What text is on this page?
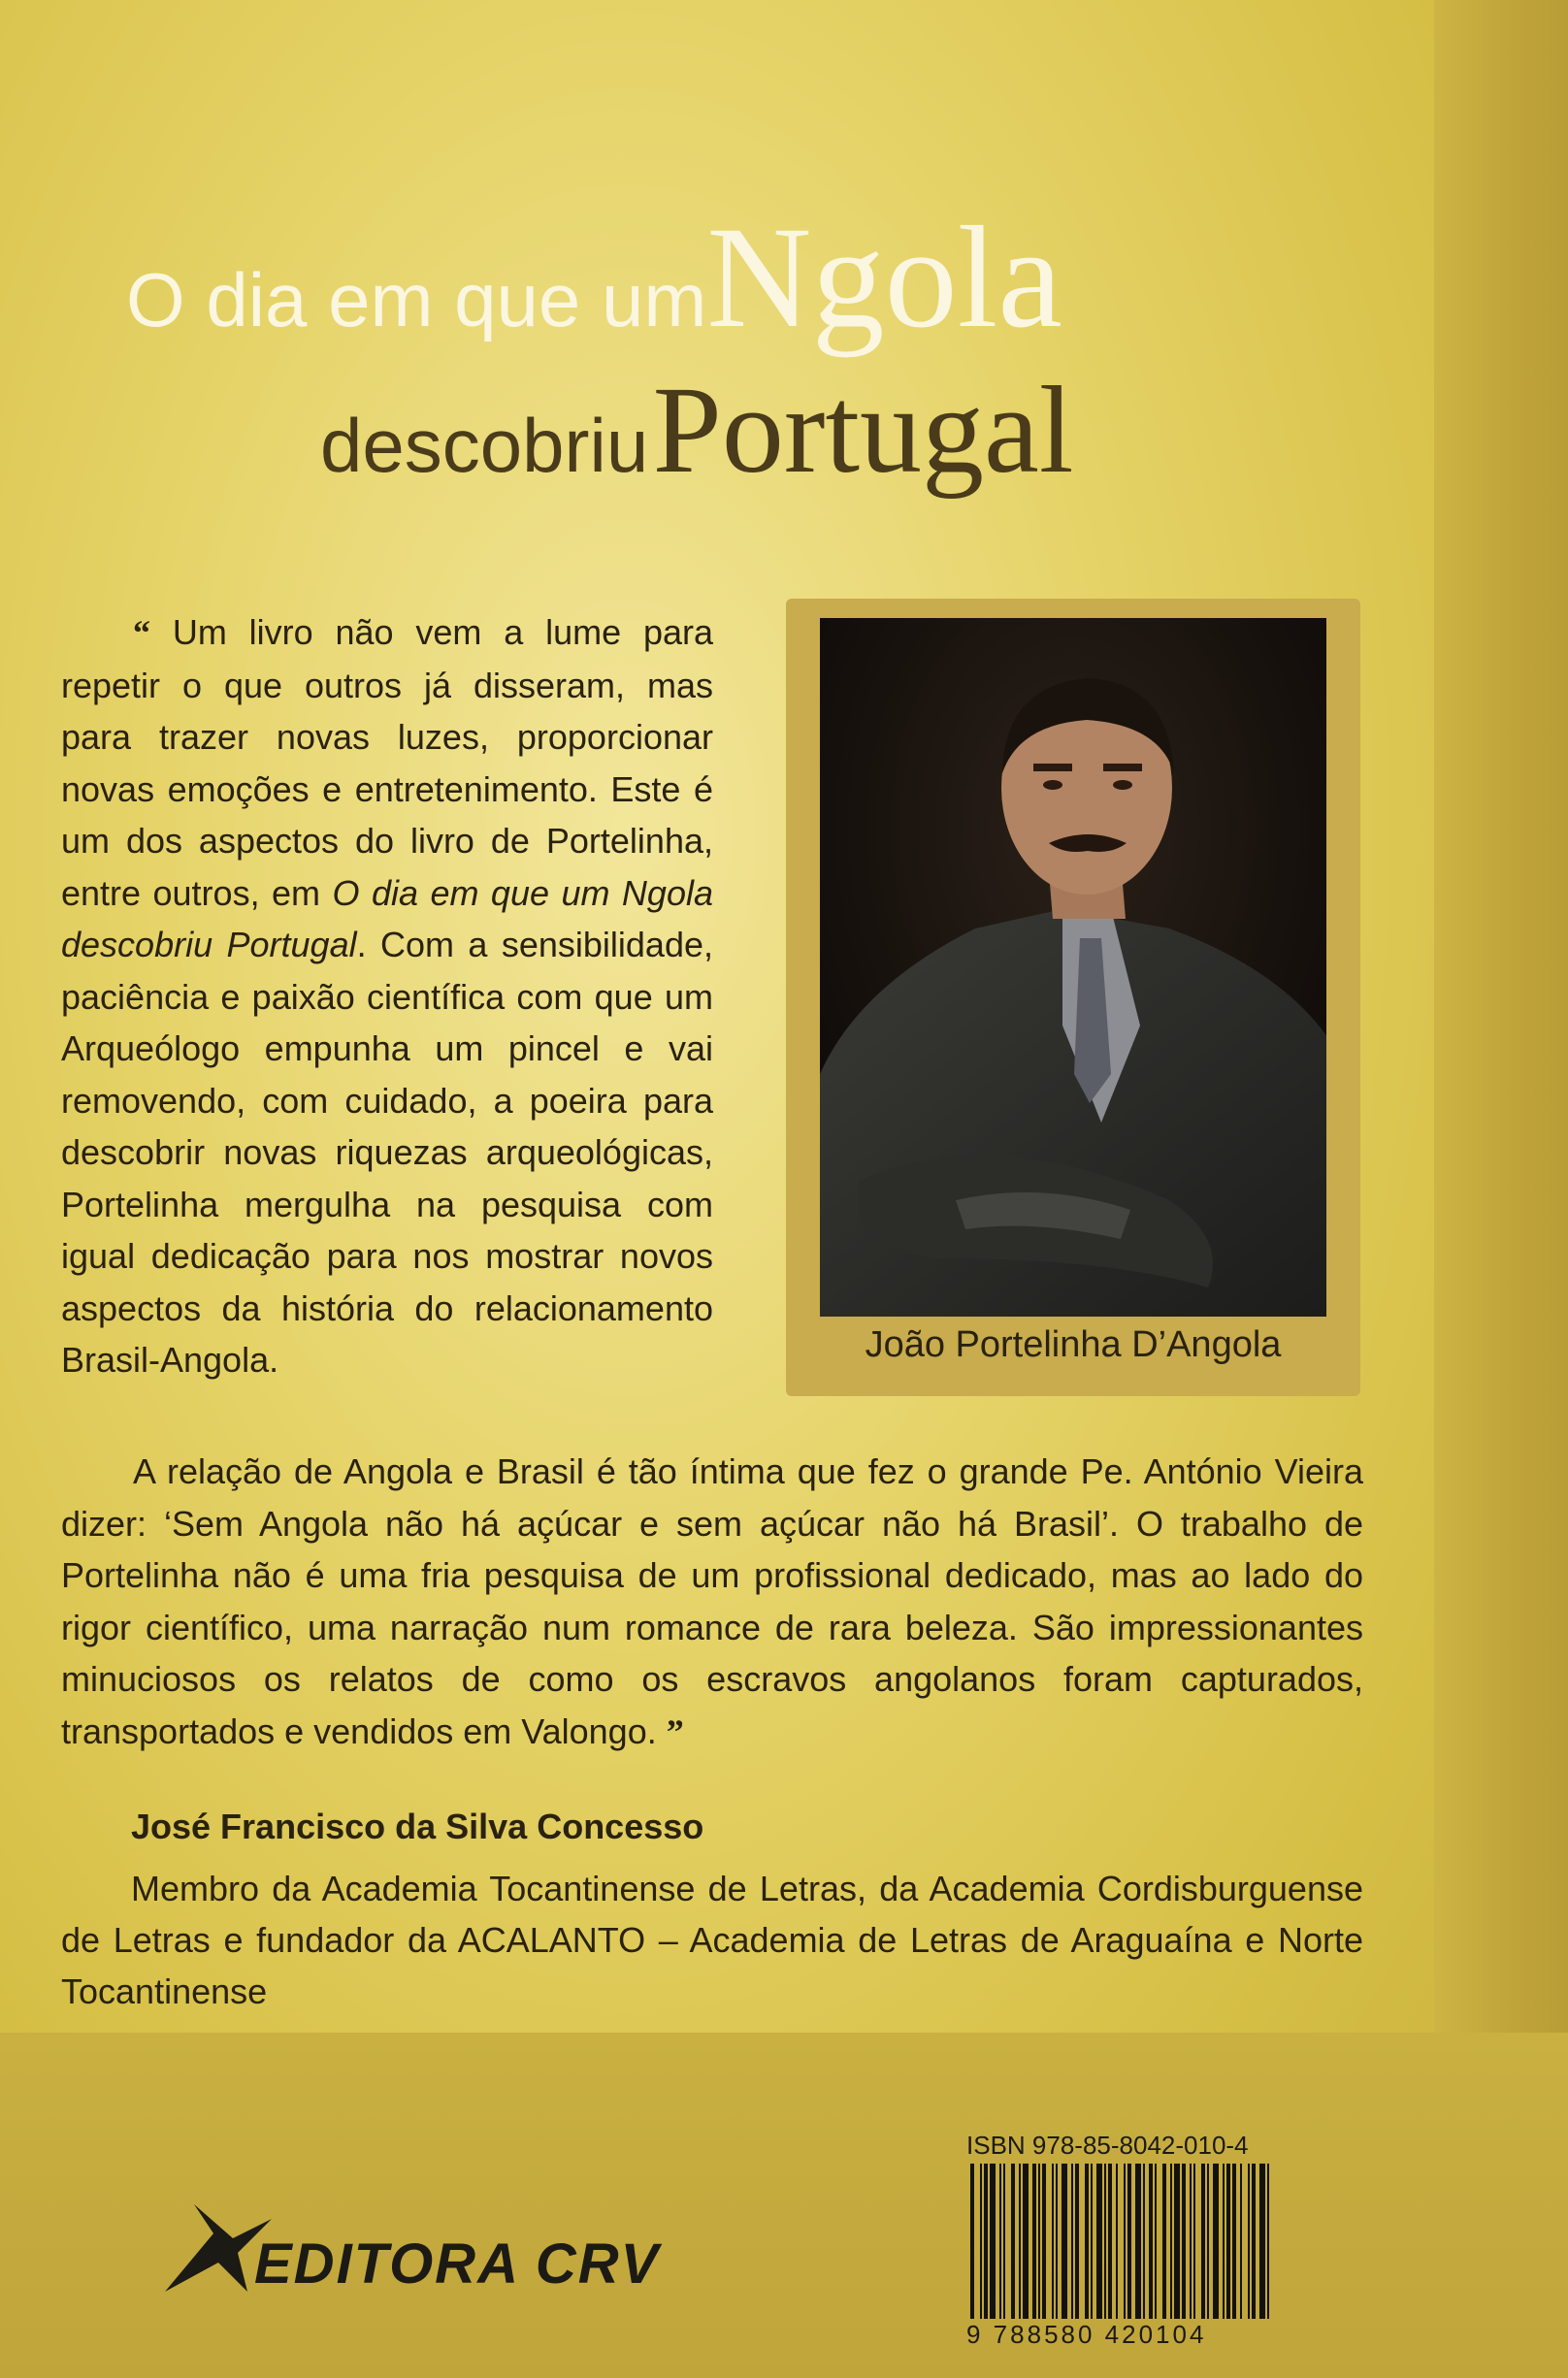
O dia em que umNgola
descobriu Portugal

“ Um livro não vem a lume para repetir o que outros já disseram, mas para trazer novas luzes, proporcionar novas emoções e entretenimento. Este é um dos aspectos do livro de Portelinha, entre outros, em O dia em que um Ngola descobriu Portugal. Com a sensibilidade, paciência e paixão científica com que um Arqueólogo empunha um pincel e vai removendo, com cuidado, a poeira para descobrir novas riquezas arqueológicas, Portelinha mergulha na pesquisa com igual dedicação para nos mostrar novos aspectos da história do relacionamento Brasil-Angola.	João Portelinha D’Angola

A relação de Angola e Brasil é tão íntima que fez o grande Pe. António Vieira dizer: ‘Sem Angola não há açúcar e sem açúcar não há Brasil’. O trabalho de Portelinha não é uma fria pesquisa de um profissional dedicado, mas ao lado do rigor científico, uma narração num romance de rara beleza. São impressionantes minuciosos os relatos de como os escravos angolanos foram capturados, transportados e vendidos em Valongo. ”

José Francisco da Silva Concesso
Membro da Academia Tocantinense de Letras, da Academia Cordisburguense de Letras e fundador da ACALANTO – Academia de Letras de Araguaína e Norte Tocantinense
EDITORA CRV
ISBN 978-85-8042-010-4
9 788580 420104
